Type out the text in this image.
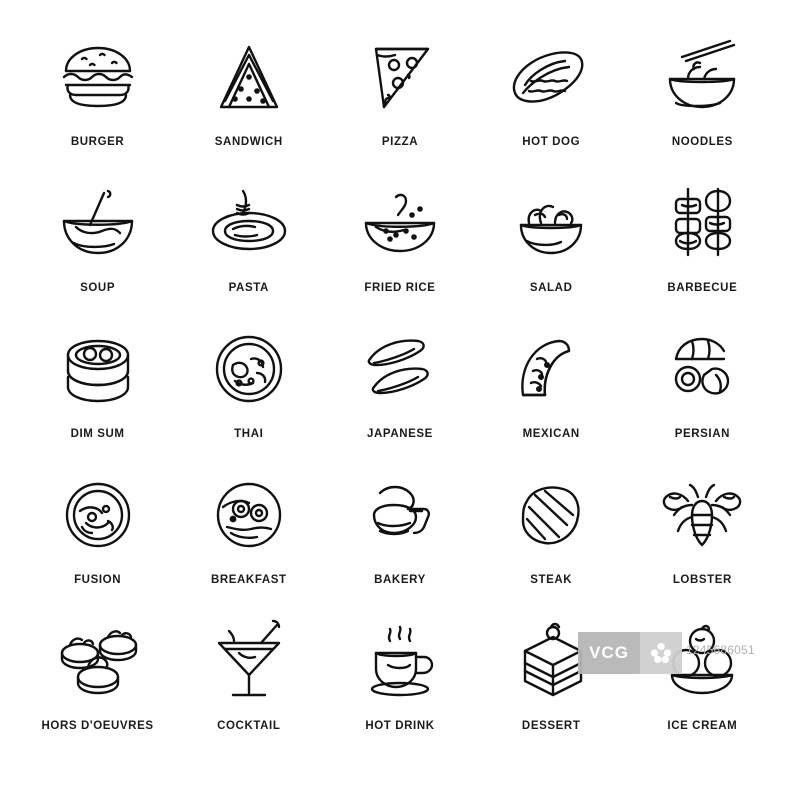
BURGER	SANDWICH	PIZZA	HOT DOG	NOODLES
SOUP	PASTA	FRIED RICE	SALAD	BARBECUE
DIM SUM	THAI	JAPANESE	MEXICAN	PERSIAN
FUSION	BREAKFAST	BAKERY	STEAK	LOBSTER
HORS D'OEUVRES	COCKTAIL	HOT DRINK	DESSERT	ICE CREAM
VCG	1245686051
